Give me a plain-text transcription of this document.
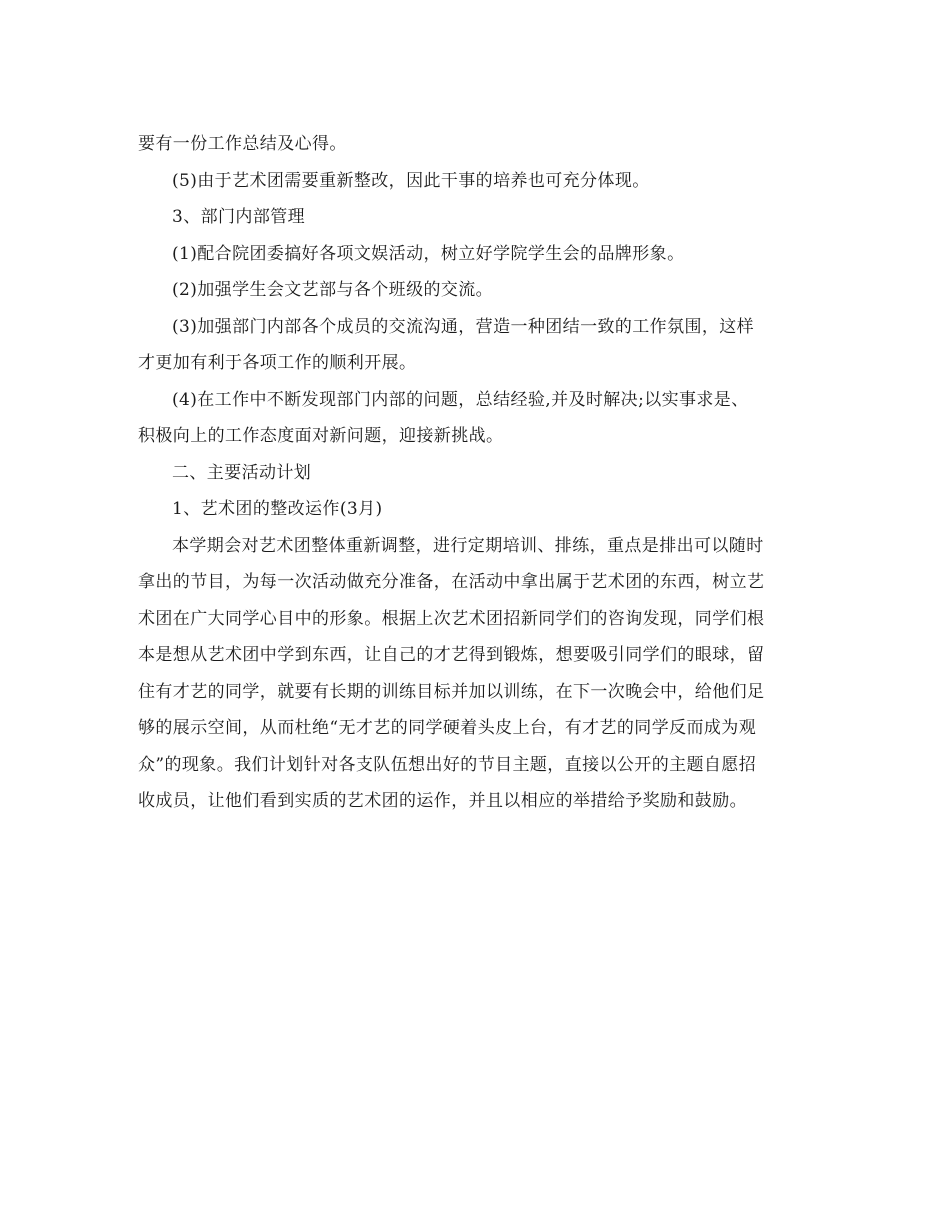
要有一份工作总结及心得。

(5)由于艺术团需要重新整改，因此干事的培养也可充分体现。

3、部门内部管理

(1)配合院团委搞好各项文娱活动，树立好学院学生会的品牌形象。

(2)加强学生会文艺部与各个班级的交流。

(3)加强部门内部各个成员的交流沟通，营造一种团结一致的工作氛围，这样
才更加有利于各项工作的顺利开展。

(4)在工作中不断发现部门内部的问题，总结经验,并及时解决;以实事求是、
积极向上的工作态度面对新问题，迎接新挑战。

二、主要活动计划

1、艺术团的整改运作(3月)

本学期会对艺术团整体重新调整，进行定期培训、排练，重点是排出可以随时
拿出的节目，为每一次活动做充分准备，在活动中拿出属于艺术团的东西，树立艺
术团在广大同学心目中的形象。根据上次艺术团招新同学们的咨询发现，同学们根
本是想从艺术团中学到东西，让自己的才艺得到锻炼，想要吸引同学们的眼球，留
住有才艺的同学，就要有长期的训练目标并加以训练，在下一次晚会中，给他们足
够的展示空间，从而杜绝“无才艺的同学硬着头皮上台，有才艺的同学反而成为观
众”的现象。我们计划针对各支队伍想出好的节目主题，直接以公开的主题自愿招
收成员，让他们看到实质的艺术团的运作，并且以相应的举措给予奖励和鼓励。
